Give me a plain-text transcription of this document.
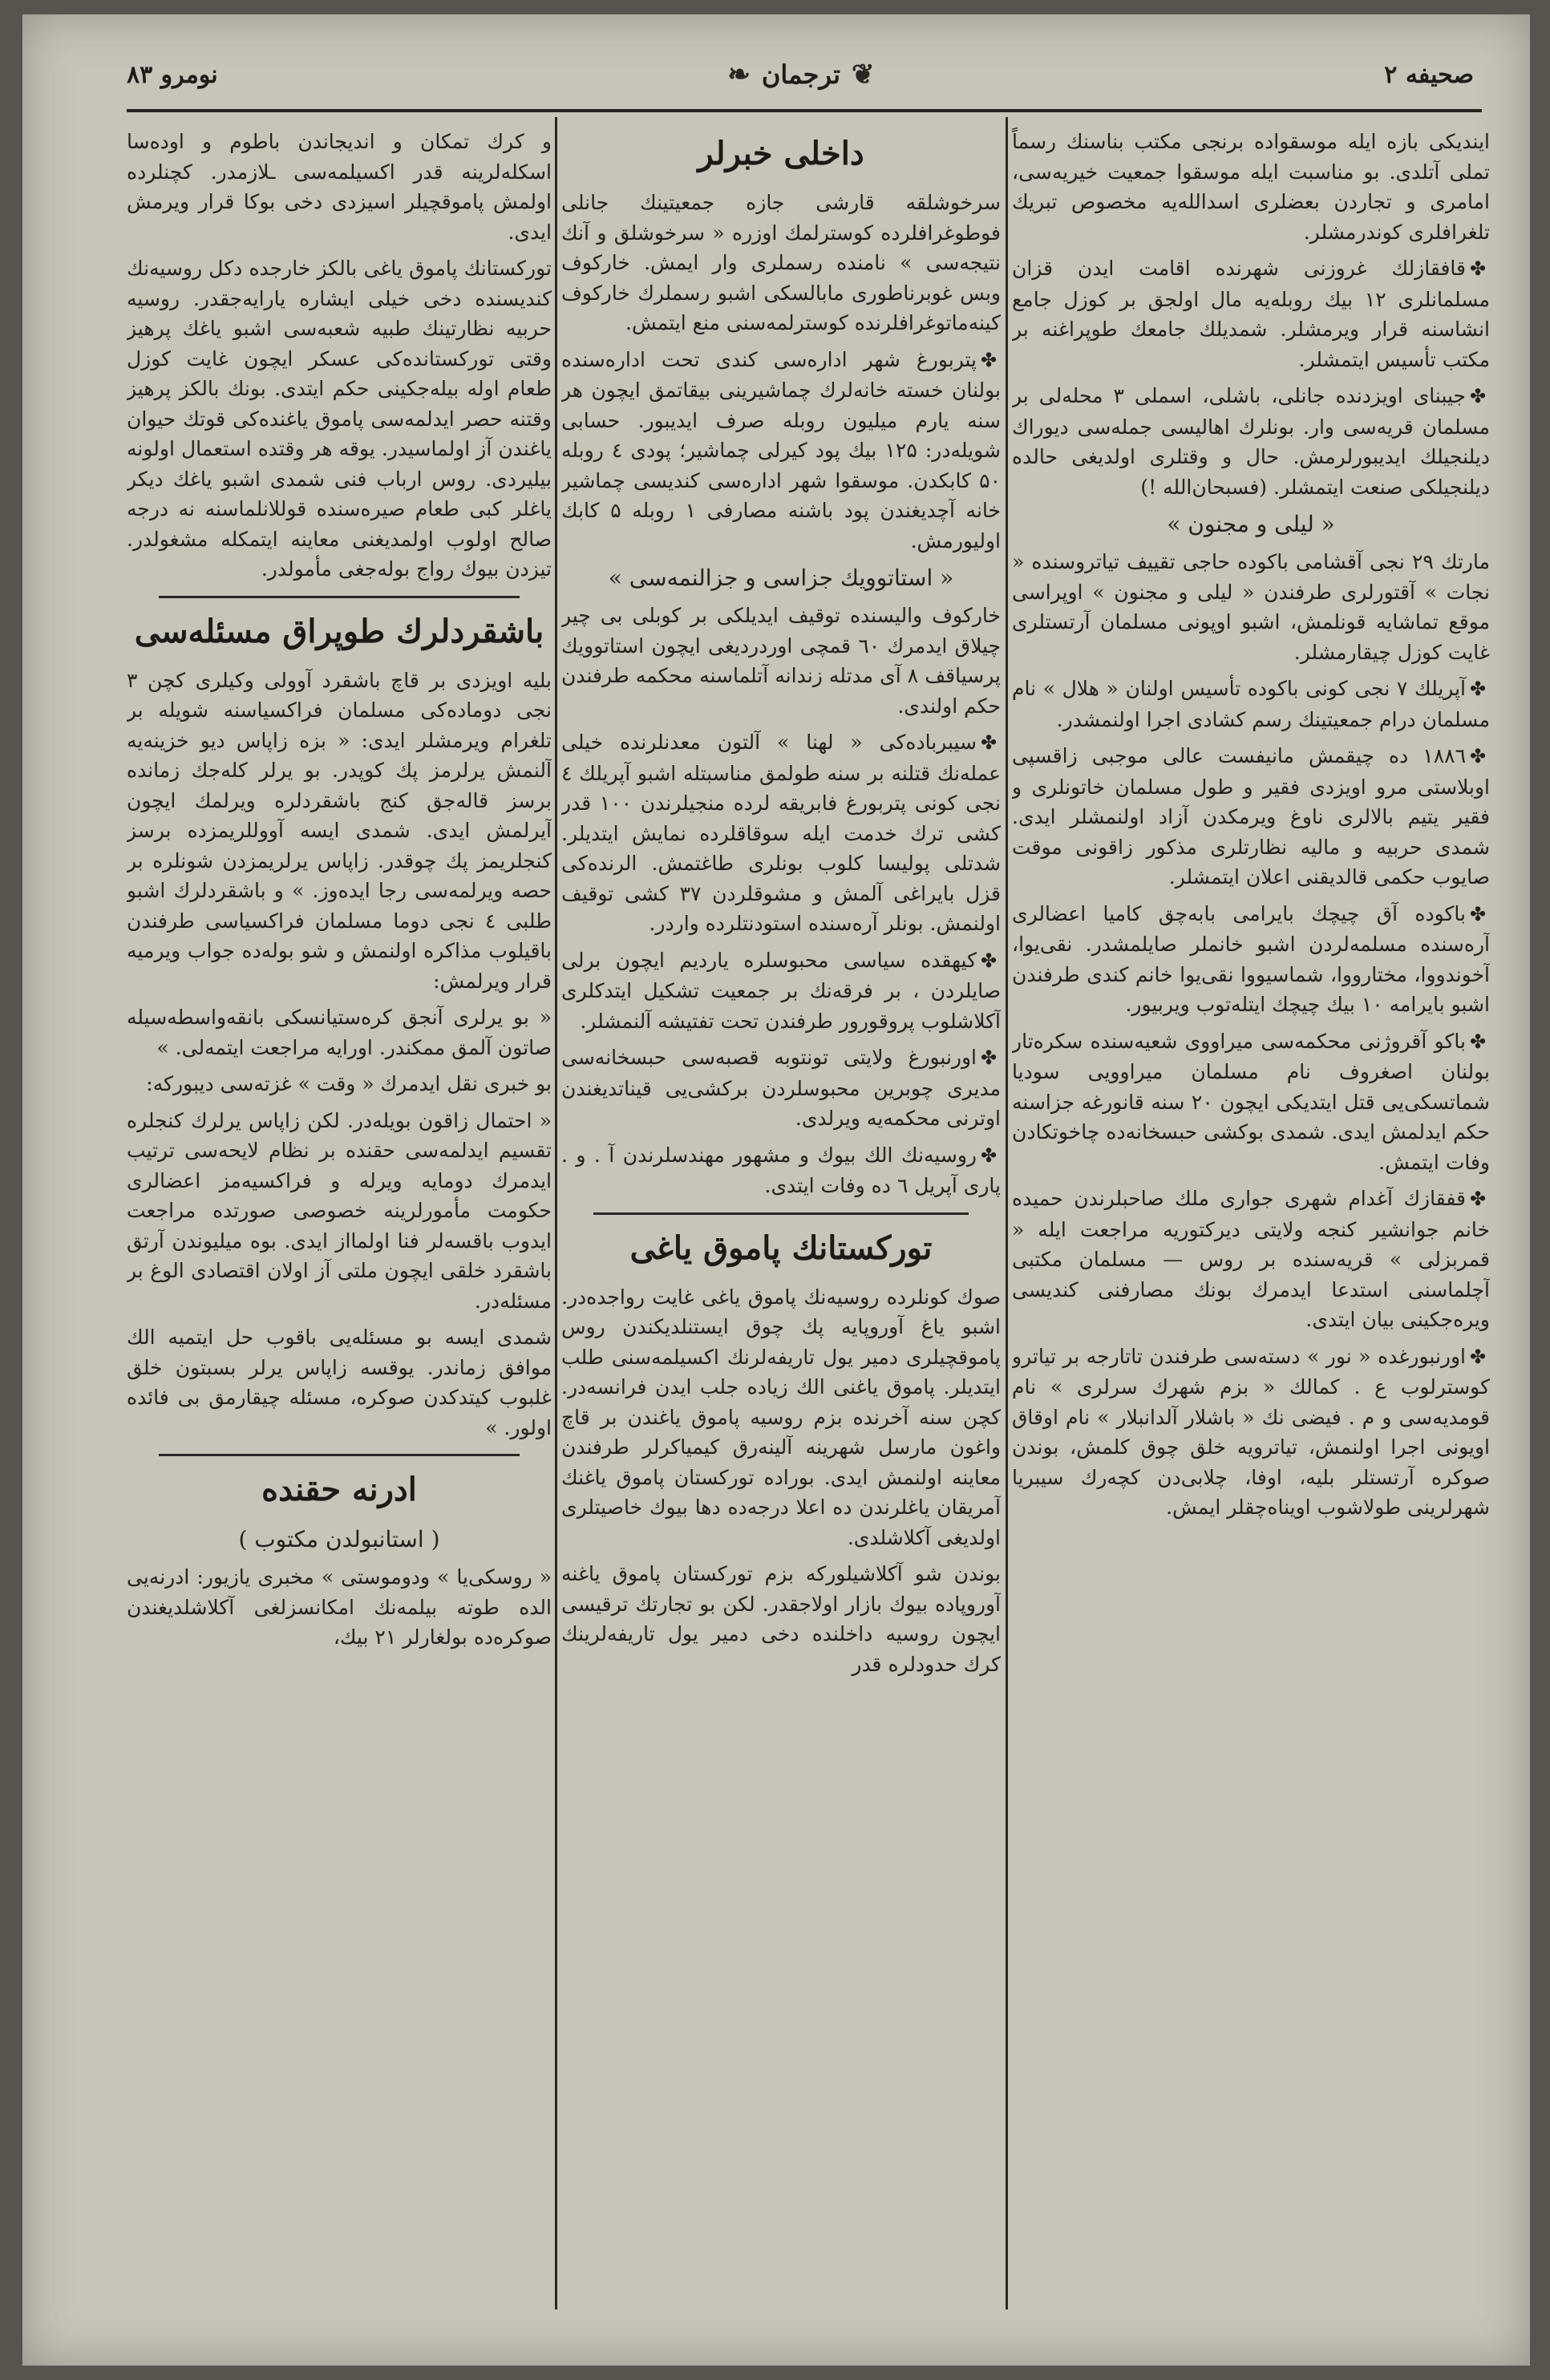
نومرو ۸۳	❦
ترجمان
❧	صحیفه ۲

ایندیکی بازه ایله موسقواده برنجی مکتب بناسنك رسماً تملی آتلدی. بو مناسبت ایله موسقوا جمعیت خیریه‌سی، امامری و تجاردن بعضلری اسدالله‌یه مخصوص تبریك تلغرافلری کوندرمشلر.

✤قافقازلك غروزنی شهرنده اقامت ایدن قزان مسلمانلری ۱۲ بیك روبله‌یه مال اولجق بر کوزل جامع انشاسنه قرار ویرمشلر. شمدیلك جامعك طوپراغنه بر مکتب تأسیس ایتمشلر.

✤جیبنای اویزدنده جانلی، باشلی، اسملی ۳ محله‌لی بر مسلمان قریه‌سی وار. بونلرك اهالیسی جمله‌سی دیوراك دیلنجیلك ایدیبورلرمش. حال و وقتلری اولدیغی حالده دیلنجیلكی صنعت ایتمشلر. (فسبحان‌الله !)

« لیلی و مجنون »

مارتك ۲۹ نجی آقشامی باکوده حاجی تقییف تیاترو‌سنده « نجات » آقتورلری طرفندن « لیلی و مجنون » اوپراسی موقع تماشایه قونلمش، اشبو اوپونی مسلمان آرتستلری غایت کوزل چیقارمشلر.

✤آپریلك ۷ نجی کونی باکوده تأسیس اولنان « هلال » نام مسلمان درام جمعیتینك رسم کشادی اجرا اولنمشدر.

✤۱۸۸٦ ده چیقمش مانیفست عالی موجبی زاقسپی اوبلاستی مرو اویزدی فقیر و طول مسلمان خاتونلری و فقیر یتیم بالالری ناوغ ویرمکدن آزاد اولنمشلر ایدی. شمدی حربیه و مالیه نظارتلری مذکور زاقونی موقت صایوب حکمی قالدیقنی اعلان ایتمشلر.

✤باکوده آق چیچك بایرامی بابه‌چق کامیا اعضالری آره‌سنده مسلمه‌لردن اشبو خانملر صایلمشدر. نقی‌یوا، آخوندووا، مختاروو‌ا، شماسیووا نقی‌یوا خانم کندی طرفندن اشبو بایرامه ۱۰ بیك چیچك ایتله‌توب ویربیور.

✤باکو آقروژنی محکمه‌سی میراووی شعیه‌سنده سکره‌تار بولنان اصغروف نام مسلمان میراوویی سودیا شماتسکی‌یی قتل ایتدیکی ایچون ۲۰ سنه قانورغه جزاسنه حکم ایدلمش ایدی. شمدی بوکشی حبسخانه‌ده چاخوتکادن وفات ایتمش.

✤قفقازك آغدام شهری جواری ملك صاحبلرندن حمیده خانم جوانشیر کنجه ولایتی دیرکتوریه مراجعت ایله « قمربزلی » قریه‌سنده بر روس — مسلمان مکتبی آچلماسنی استدعا ایدمرك بونك مصارفنی کندیسی ویره‌جکینی بیان ایتدی.

✤اورنبورغده « نور » دسته‌سی طرفندن تاتارجه بر تیاترو کوسترلوب ع . کمالك « بزم شهرك سرلری » نام قومدیه‌سی و م . فیضی نك « باشلار آلدانبلار » نام اوقاق اویونی اجرا اولنمش، تیاترویه خلق چوق کلمش، بوندن صوکره آرتستلر بلیه، اوفا، چلابی‌دن کچه‌رك سیبریا شهرلرینی طولاشوب اویناه‌چقلر ایمش.

داخلی خبرلر

سرخوشلقه قارشی جازه جمعیتینك جانلی فوطوغرافلرده کوسترلمك اوزره « سرخوشلق و آنك نتیجه‌سی » نامنده رسملری وار ایمش. خارکوف وبس غوبرناطوری مابالسکی اشبو رسملرك خارکوف کینه‌ماتوغرافلرنده کوسترلمه‌سنی منع ایتمش.

✤پتربورغ شهر اداره‌سی کندی تحت اداره‌سنده بولنان خسته خانه‌لرك چماشیرینی بیقاتمق ایچون هر سنه یارم میلیون روبله صرف ایدیبور. حسابی شویله‌در: ۱۲۵ بیك پود کیرلی چماشیر؛ پودی ٤ روبله ۵۰ کابکدن. موسقوا شهر اداره‌سی کندیسی چماشیر خانه آچدیغندن پود باشنه مصارفی ۱ روبله ۵ کابك اولیورمش.

« استاتوویك جزاسی و جزالنمه‌سی »

خارکوف والیسنده توقیف ایدیلکی بر کوبلی بی چیر چیلاق ایدمرك ٦۰ قمچی اوردردیغی ایچون استاتوویك پرسیاقف ۸ آی مدتله زندانه آتلماسنه محکمه طرفندن حکم اولندی.

✤سیبرباده‌کی « لهنا » آلتون معدنلرنده خیلی عمله‌نك قتلنه بر سنه طولمق مناسبتله اشبو آپریلك ٤ نجی کونی پتربورغ فابریقه لرده منجیلرندن ۱۰۰ قدر کشی ترك خدمت ایله سوقاقلرده نمایش ایتدیلر. شدتلی پولیسا کلوب بونلری طاغتمش. الرنده‌کی قزل بایراغی آلمش و مشوقلردن ۳۷ کشی توقیف اولنمش. بونلر آره‌سنده استودنتلرده واردر.

✤کیهقده سیاسی محبوسلره یاردیم ایچون برلی صایلردن ، بر فرقه‌نك بر جمعیت تشکیل ایتدکلری آکلاشلوب پروقورور طرفندن تحت تفتیشه آلنمشلر.

✤اورنبورغ ولایتی تونتوبه قصبه‌سی حبسخانه‌سی مدیری چوبرین محبوسلردن برکشی‌یی قیناتدیغندن اوترنی محکمه‌یه ویرلدی.

✤روسیه‌نك الك بیوك و مشهور مهندسلرندن آ . و . پاری آپریل ٦ ده وفات ایتدی.

تورکستانك پاموق یاغی

صوك کونلرده روسیه‌نك پاموق یاغی غایت رواجده‌در. اشبو یاغ آوروپایه پك چوق ایستنلدیکندن روس پاموقچیلری دمیر یول تاریفه‌لرنك اکسیلمه‌سنی طلب ایتدیلر. پاموق یاغنی الك زیاده جلب ایدن فرانسه‌در. کچن سنه آخرنده بزم روسیه پاموق یاغندن بر قاچ واغون مارسل شهرینه آلینه‌رق کیمیاکرلر طرفندن معاینه اولنمش ایدی. بوراده تورکستان پاموق یاغنك آمریقان یاغلرندن ده اعلا درجه‌ده دها بیوك خاصیتلری اولدیغی آکلاشلدی.

بوندن شو آکلاشیلورکه بزم تورکستان پاموق یاغنه آوروپاده بیوك بازار اولاجقدر. لکن بو تجارتك ترقیسی ایچون روسیه داخلنده دخی دمیر یول تاریفه‌لرینك کرك حدودلره قدر

و کرك تمکان و انديجاندن باطوم و اوده‌سا اسکله‌لرینه قدر اکسیلمه‌سی ـلازمدر. کچنلرده اولمش پاموقچیلر اسیزدی دخی بوکا قرار ویرمش ایدی.

تورکستانك پاموق یاغی بالکز خارجده دکل روسیه‌نك کندیسنده دخی خیلی ایشاره یارایه‌جقدر. روسیه حربیه نظارتینك طبیه شعبه‌سی اشبو یاغك پرهیز وقتی تورکستانده‌کی عسکر ایچون غایت کوزل طعام اوله بیله‌جکینی حکم ایتدی. بونك بالکز پرهیز وقتنه حصر ایدلمه‌سی پاموق یاغنده‌کی قوتك حیوان یاغندن آز اولماسیدر. یوقه هر وقتده استعمال اولونه بیلیردی. روس ارباب فنی شمدی اشبو یاغك دیکر یاغلر کبی طعام صیره‌سنده قوللانلماسنه نه درجه صالح اولوب اولمدیغنی معاینه ایتمکله مشغولدر. تیزدن بیوك رواج بوله‌جغی مأمولدر.

باشقردلرك طوپراق مسئله‌سی

بلیه اویزدی بر قاچ باشقرد آوولی وکیلری کچن ۳ نجی دوماده‌کی مسلمان فراکسیاسنه شویله بر تلغرام ویرمشلر ایدی: « بزه زاپاس دیو خزینه‌یه آلنمش یرلرمز پك کوپدر. بو یرلر کلەجك زمانده برسز قالەجق کنج باشقردلره ویرلمك ایچون آیرلمش ایدی. شمدی ایسه آووللریمزده برسز کنجلریمز پك چوقدر. زاپاس یرلریمزدن شونلره بر حصه ویرلمه‌سی رجا ایدەوز. » و باشقردلرك اشبو طلبی ٤ نجی دوما مسلمان فراکسیاسی طرفندن باقیلوب مذاکره اولنمش و شو بولەده جواب ویرمیه قرار ویرلمش:

« بو یرلری آنجق کرەستیانسکی بانقه‌واسطه‌سیله صاتون آلمق ممکندر. اورایه مراجعت ایتمەلی. »

بو خبری نقل ایدمرك « وقت » غزته‌سی دیبورکه:

« احتمال زاقون بویله‌در. لکن زاپاس یرلرك کنجلره تقسیم ایدلمه‌سی حقنده بر نظام لایحه‌سی ترتیب ایدمرك دومایه ویرله و فراکسیه‌مز اعضالری حکومت مأمورلرینه خصوصی صورتده مراجعت ایدوب باقسەلر فنا اولمااز ایدی. بوه میلیوندن آرتق باشقرد خلقی ایچون ملتی آز اولان اقتصادی الوغ بر مسئله‌در.

شمدی ایسه بو مسئله‌یی باقوب حل ایتمیه الك موافق زماندر. یوقسه زاپاس یرلر بسبتون خلق غلبوب کیتدکدن صوکره، مسئله چیقارمق بی فائده اولور. »

ادرنه حقنده
( استانبولدن مکتوب )

« روسکی‌یا » ودوموستی » مخبری یازیور: ادرنه‌یی الده طوته بیلمه‌نك امکانسزلغی آکلاشلدیغندن صوکره‌ده بولغارلر ۲۱ بیك،
